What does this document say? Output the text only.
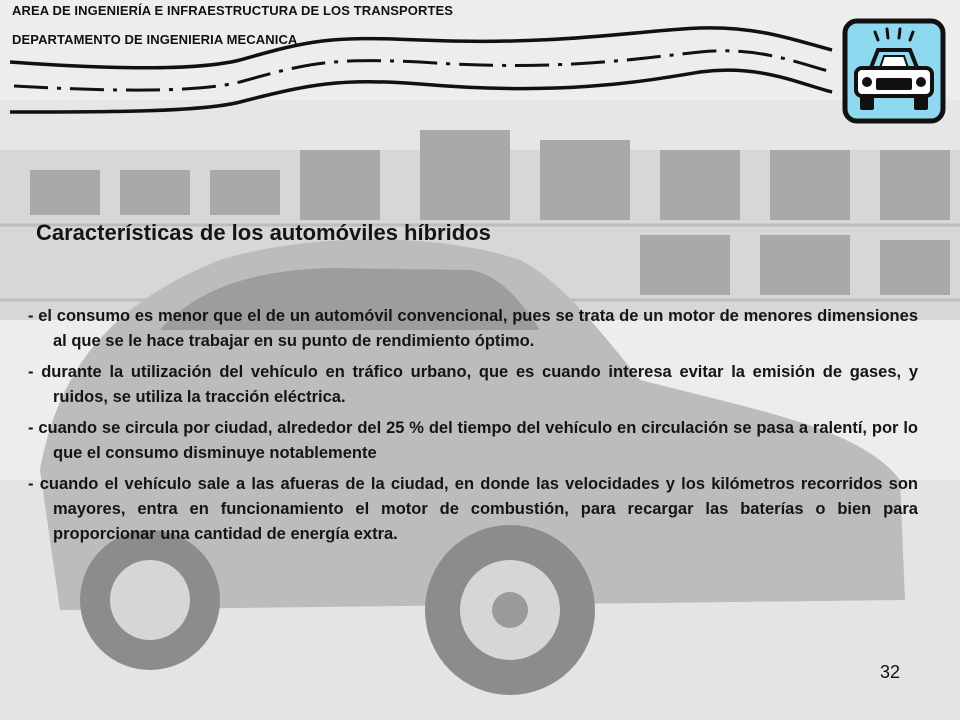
AREA DE INGENIERÍA E INFRAESTRUCTURA DE LOS TRANSPORTES
DEPARTAMENTO DE INGENIERIA MECANICA
Características de los automóviles híbridos

- el consumo es menor que el de un automóvil convencional, pues se trata de un motor de menores dimensiones al que se le hace trabajar en su punto de rendimiento óptimo.

- durante la utilización del vehículo en tráfico urbano, que es cuando interesa evitar la emisión de gases, y ruidos, se utiliza la tracción eléctrica.

- cuando se circula por ciudad, alrededor del 25 % del tiempo del vehículo en circulación se pasa a ralentí, por lo que el consumo disminuye notablemente

- cuando el vehículo sale a las afueras de la ciudad, en donde las velocidades y los kilómetros recorridos son mayores, entra en funcionamiento el motor de combustión, para recargar las baterías o bien para proporcionar una cantidad de energía extra.

32
